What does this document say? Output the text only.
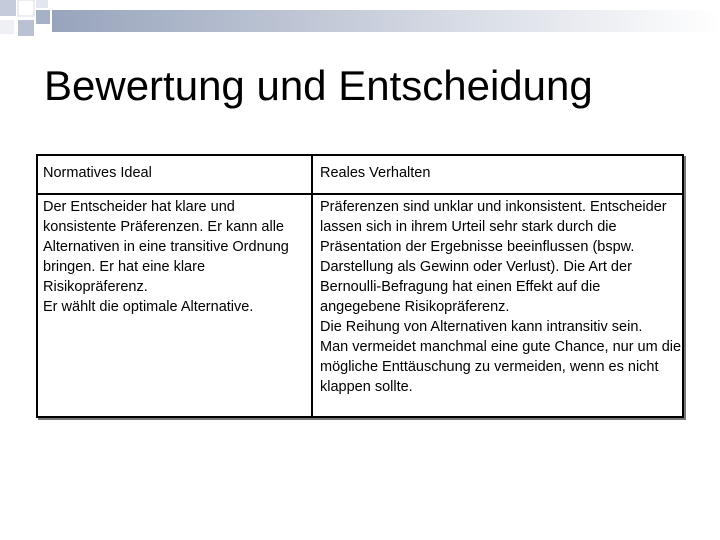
Bewertung und Entscheidung
Normatives Ideal	Reales Verhalten

Der Entscheider hat klare und konsistente Präferenzen. Er kann alle Alternativen in eine transitive Ordnung bringen. Er hat eine klare Risikopräferenz.

Er wählt die optimale Alternative.

Präferenzen sind unklar und inkonsistent. Entscheider lassen sich in ihrem Urteil sehr stark durch die Präsentation der Ergebnisse beeinflussen (bspw. Darstellung als Gewinn oder Verlust). Die Art der Bernoulli-Befragung hat einen Effekt auf die angegebene Risikopräferenz.

Die Reihung von Alternativen kann intransitiv sein.

Man vermeidet manchmal eine gute Chance, nur um die mögliche Enttäuschung zu vermeiden, wenn es nicht klappen sollte.
